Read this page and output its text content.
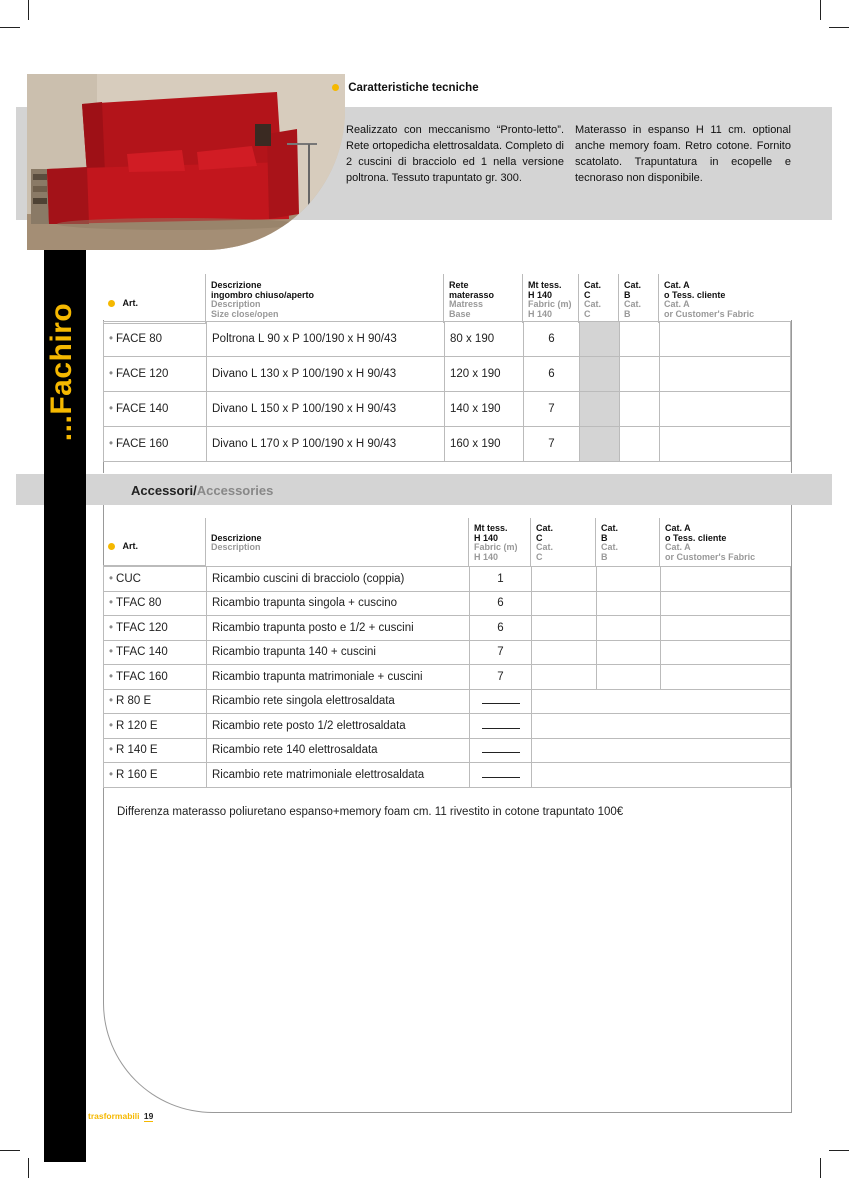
...Fachiro
Caratteristiche tecniche
Realizzato con meccanismo “Pronto-letto”. Rete ortopedicha elettrosaldata. Completo di 2 cuscini di bracciolo ed 1 nella versione poltrona. Tessuto trapuntato gr. 300.
Materasso in espanso H 11 cm. optional anche memory foam. Retro cotone. Fornito scatolato. Trapuntatura in ecopelle e tecnoraso non disponibile.
Art.	Descrizione
ingombro chiuso/aperto
Description
Size close/open	Rete
materasso
Matress
Base	Mt tess.
H 140
Fabric (m)
H 140	Cat.
C
Cat.
C	Cat.
B
Cat.
B	Cat. A
o Tess. cliente
Cat. A
or Customer's Fabric
• FACE 80	Poltrona L 90 x P 100/190 x H 90/43	80 x 190	6			
• FACE 120	Divano L 130 x P 100/190 x H 90/43	120 x 190	6			
• FACE 140	Divano L 150 x P 100/190 x H 90/43	140 x 190	7			
• FACE 160	Divano L 170 x P 100/190 x H 90/43	160 x 190	7			
Accessori/Accessories
Art.	Descrizione
Description	Mt tess.
H 140
Fabric (m)
H 140	Cat.
C
Cat.
C	Cat.
B
Cat.
B	Cat. A
o Tess. cliente
Cat. A
or Customer's Fabric
• CUC	Ricambio cuscini di bracciolo (coppia)	1			
• TFAC 80	Ricambio trapunta singola + cuscino	6			
• TFAC 120	Ricambio trapunta posto e 1/2 + cuscini	6			
• TFAC 140	Ricambio trapunta 140 + cuscini	7			
• TFAC 160	Ricambio trapunta matrimoniale + cuscini	7			
• R 80 E	Ricambio rete singola elettrosaldata				
• R 120 E	Ricambio rete posto 1/2 elettrosaldata				
• R 140 E	Ricambio rete 140 elettrosaldata				
• R 160 E	Ricambio rete matrimoniale elettrosaldata				
Differenza materasso poliuretano espanso+memory foam cm. 11 rivestito in cotone trapuntato 100€
trasformabili 19
